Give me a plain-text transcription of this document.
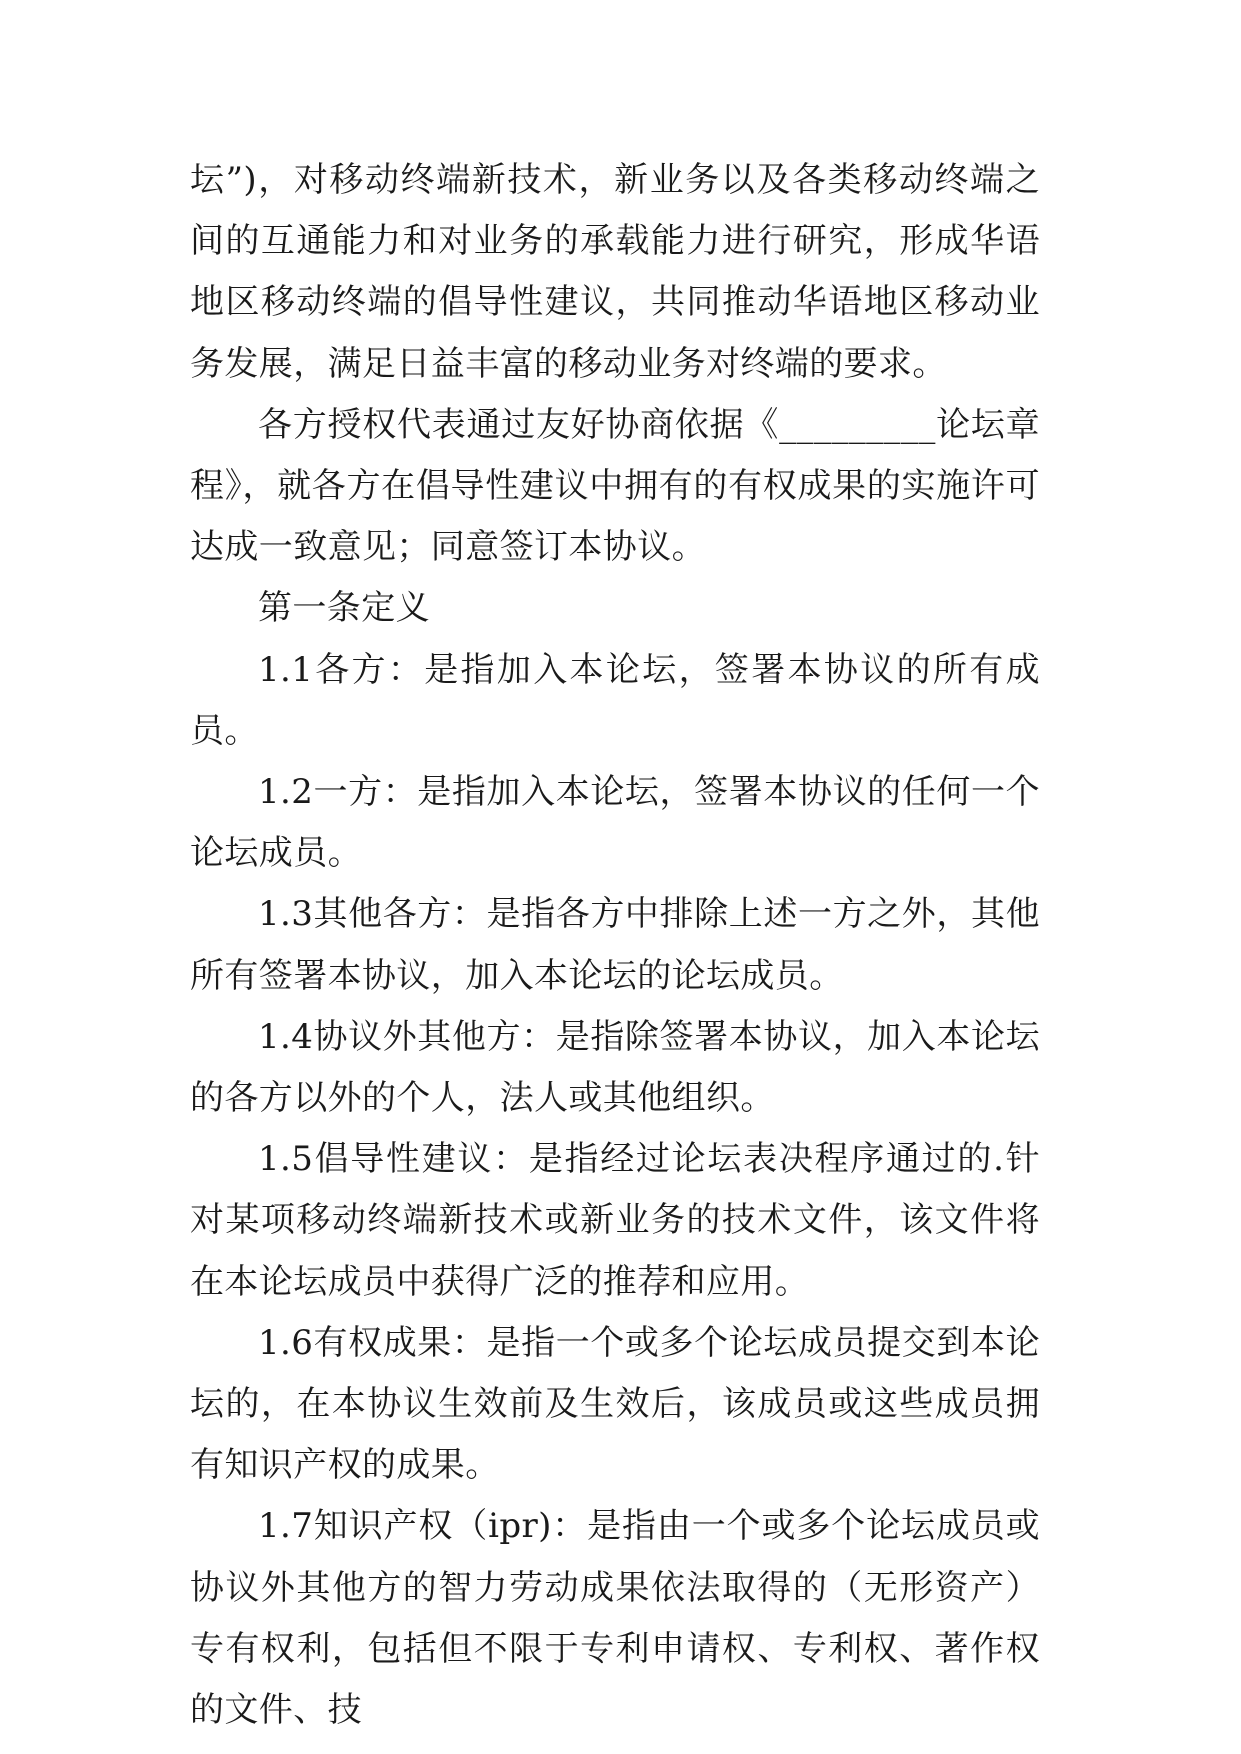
坛”)，对移动终端新技术，新业务以及各类移动终端之间的互通能力和对业务的承载能力进行研究，形成华语地区移动终端的倡导性建议，共同推动华语地区移动业务发展，满足日益丰富的移动业务对终端的要求。

各方授权代表通过友好协商依据《_________论坛章程》，就各方在倡导性建议中拥有的有权成果的实施许可达成一致意见；同意签订本协议。

第一条定义

1.1各方：是指加入本论坛，签署本协议的所有成员。

1.2一方：是指加入本论坛，签署本协议的任何一个论坛成员。

1.3其他各方：是指各方中排除上述一方之外，其他所有签署本协议，加入本论坛的论坛成员。

1.4协议外其他方：是指除签署本协议，加入本论坛的各方以外的个人，法人或其他组织。

1.5倡导性建议：是指经过论坛表决程序通过的.针对某项移动终端新技术或新业务的技术文件，该文件将在本论坛成员中获得广泛的推荐和应用。

1.6有权成果：是指一个或多个论坛成员提交到本论坛的，在本协议生效前及生效后，该成员或这些成员拥有知识产权的成果。

1.7知识产权（ipr)：是指由一个或多个论坛成员或协议外其他方的智力劳动成果依法取得的（无形资产）专有权利，包括但不限于专利申请权、专利权、著作权的文件、技
